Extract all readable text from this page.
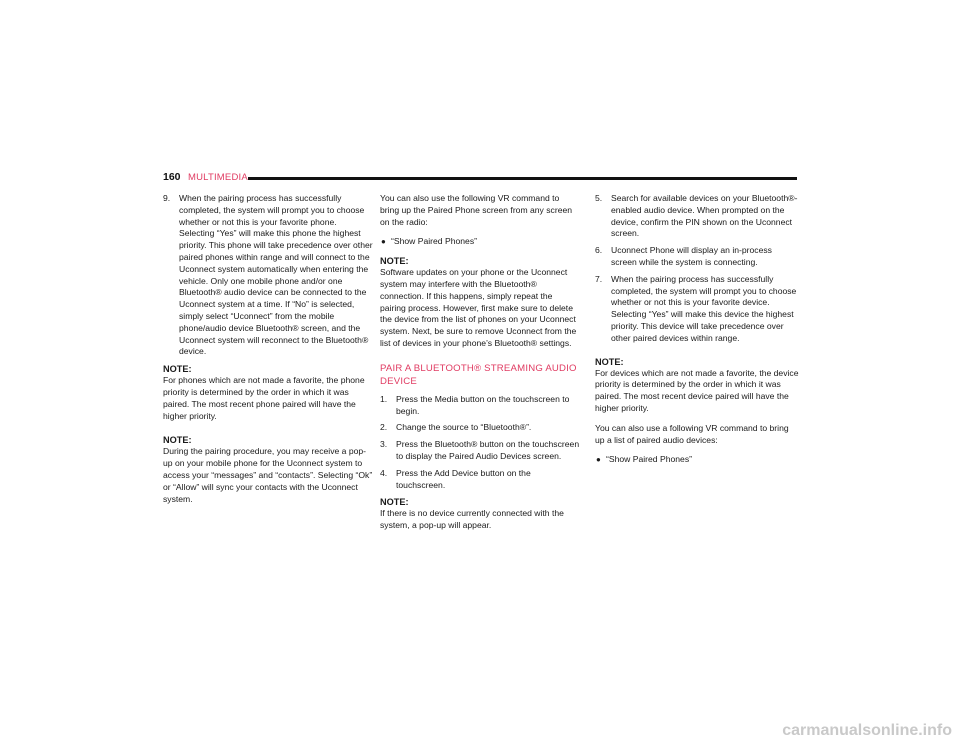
160 MULTIMEDIA
9. When the pairing process has successfully completed, the system will prompt you to choose whether or not this is your favorite phone. Selecting “Yes” will make this phone the highest priority. This phone will take precedence over other paired phones within range and will connect to the Uconnect system automatically when entering the vehicle. Only one mobile phone and/or one Bluetooth® audio device can be connected to the Uconnect system at a time. If “No” is selected, simply select “Uconnect” from the mobile phone/audio device Bluetooth® screen, and the Uconnect system will reconnect to the Bluetooth® device.
NOTE:
For phones which are not made a favorite, the phone priority is determined by the order in which it was paired. The most recent phone paired will have the higher priority.
NOTE:
During the pairing procedure, you may receive a pop-up on your mobile phone for the Uconnect system to access your “messages” and “contacts”. Selecting “Ok” or “Allow” will sync your contacts with the Uconnect system.

You can also use the following VR command to bring up the Paired Phone screen from any screen on the radio:

● “Show Paired Phones”
NOTE:
Software updates on your phone or the Uconnect system may interfere with the Bluetooth® connection. If this happens, simply repeat the pairing process. However, first make sure to delete the device from the list of phones on your Uconnect system. Next, be sure to remove Uconnect from the list of devices in your phone’s Bluetooth® settings.
PAIR A BLUETOOTH® STREAMING AUDIO DEVICE
1. Press the Media button on the touchscreen to begin.
2. Change the source to “Bluetooth®”.
3. Press the Bluetooth® button on the touchscreen to display the Paired Audio Devices screen.
4. Press the Add Device button on the touchscreen.
NOTE:
If there is no device currently connected with the system, a pop-up will appear.
5. Search for available devices on your Bluetooth®-enabled audio device. When prompted on the device, confirm the PIN shown on the Uconnect screen.
6. Uconnect Phone will display an in-process screen while the system is connecting.
7. When the pairing process has successfully completed, the system will prompt you to choose whether or not this is your favorite device. Selecting “Yes” will make this device the highest priority. This device will take precedence over other paired devices within range.
NOTE:
For devices which are not made a favorite, the device priority is determined by the order in which it was paired. The most recent device paired will have the higher priority.

You can also use a following VR command to bring up a list of paired audio devices:

● “Show Paired Phones”
carmanualsonline.info
